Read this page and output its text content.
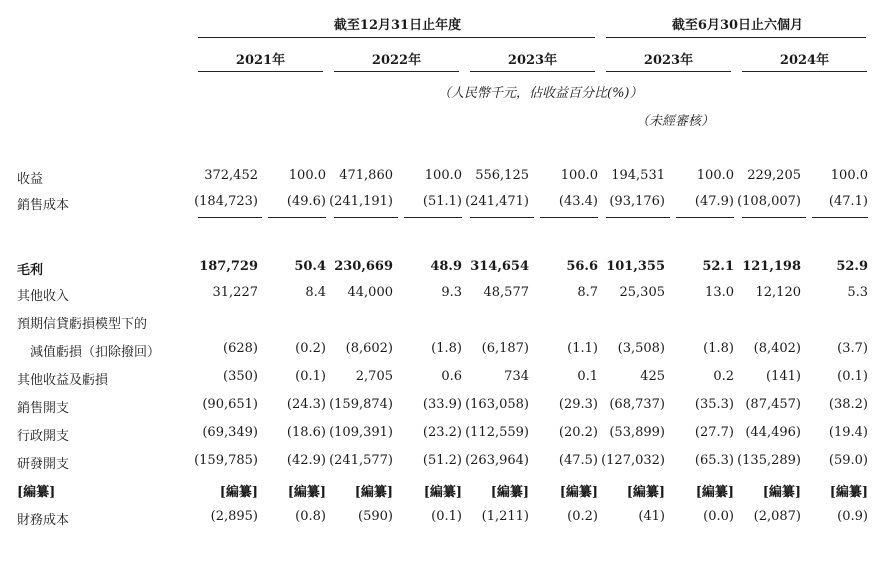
截至12月31日止年度	截至6月30日止六個月
2021年	2022年	2023年	2023年	2024年
（人民幣千元，佔收益百分比(%)）
（未經審核）
收益	372,452 100.0 471,860 100.0 556,125 100.0 194,531 100.0 229,205 100.0
銷售成本	(184,723) (49.6) (241,191) (51.1) (241,471) (43.4) (93,176) (47.9) (108,007) (47.1)
毛利	187,729	50.4 230,669	48.9 314,654	56.6 101,355	52.1 121,198	52.9
其他收入	31,227	8.4 44,000	9.3 48,577	8.7 25,305	13.0 12,120	5.3
預期信貸虧損模型下的
　減值虧損（扣除撥回）	(628)	(0.2) (8,602)	(1.8) (6,187)	(1.1) (3,508)	(1.8) (8,402)	(3.7)
其他收益及虧損	(350)	(0.1) 2,705	0.6	734	0.1	425	0.2 (141)	(0.1)
銷售開支	(90,651) (24.3) (159,874) (33.9) (163,058) (29.3) (68,737) (35.3) (87,457) (38.2)
行政開支	(69,349) (18.6) (109,391) (23.2) (112,559) (20.2) (53,899) (27.7) (44,496) (19.4)
研發開支	(159,785) (42.9) (241,577) (51.2) (263,964) (47.5) (127,032) (65.3) (135,289) (59.0)
[編纂]	[編纂] [編纂] [編纂] [編纂] [編纂] [編纂] [編纂] [編纂] [編纂] [編纂]
財務成本	(2,895)	(0.8) (590)	(0.1) (1,211)	(0.2)	(41)	(0.0) (2,087)	(0.9)
